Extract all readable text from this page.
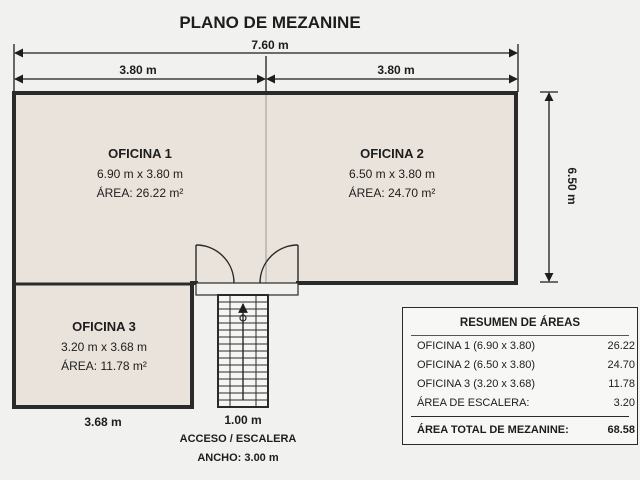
PLANO DE MEZANINE
7.60 m
3.80 m	3.80 m
6.50 m
OFICINA 1
6.90 m x 3.80 m
ÁREA: 26.22 m²
OFICINA 2
6.50 m x 3.80 m
ÁREA: 24.70 m²
OFICINA 3
3.20 m x 3.68 m
ÁREA: 11.78 m²
3.68 m	1.00 m
ACCESO / ESCALERA
ANCHO: 3.00 m
RESUMEN DE ÁREAS
OFICINA 1 (6.90 x 3.80)	26.22
OFICINA 2 (6.50 x 3.80)	24.70
OFICINA 3 (3.20 x 3.68)	11.78
ÁREA DE ESCALERA:	3.20
ÁREA TOTAL DE MEZANINE:	68.58
